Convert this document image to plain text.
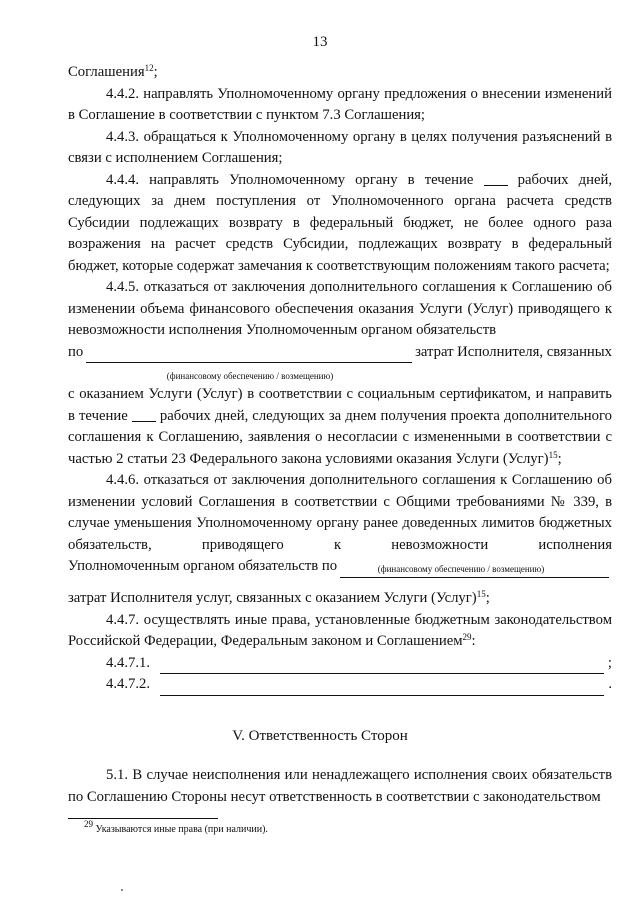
13

Соглашения$^{12}$;

4.4.2. направлять Уполномоченному органу предложения о внесении изменений в Соглашение в соответствии с пунктом 7.3 Соглашения;

4.4.3. обращаться к Уполномоченному органу в целях получения разъяснений в связи с исполнением Соглашения;

4.4.4. направлять Уполномоченному органу в течение	рабочих дней, следующих за днем поступления от Уполномоченного органа расчета средств Субсидии подлежащих возврату в федеральный бюджет, не более одного раза возражения на расчет средств Субсидии, подлежащих возврату в федеральный бюджет, которые содержат замечания к соответствующим положениям такого расчета;

4.4.5. отказаться от заключения дополнительного соглашения к Соглашению об изменении объема финансового обеспечения оказания Услуги (Услуг) приводящего к невозможности исполнения Уполномоченным органом обязательств

по	затрат Исполнителя, связанных
(финансовому обеспечению / возмещению)

с оказанием Услуги (Услуг) в соответствии с социальным сертификатом, и направить в течение рабочих дней, следующих за днем получения проекта дополнительного соглашения к Соглашению, заявления о несогласии с измененными в соответствии с частью 2 статьи 23 Федерального закона условиями оказания Услуги (Услуг)$^{15}$;

4.4.6. отказаться от заключения дополнительного соглашения к Соглашению об изменении условий Соглашения в соответствии с Общими требованиями № 339, в случае уменьшения Уполномоченному органу ранее доведенных лимитов бюджетных обязательств, приводящего к невозможности исполнения

Уполномоченным органом обязательств по	(финансовому обеспечению / возмещению)

затрат Исполнителя услуг, связанных с оказанием Услуги (Услуг)$^{15}$;

4.4.7. осуществлять иные права, установленные бюджетным законодательством Российской Федерации, Федеральным законом и Соглашением$^{29}$:

4.4.7.1.	;
4.4.7.2.	.
V. Ответственность Сторон

5.1. В случае неисполнения или ненадлежащего исполнения своих обязательств по Соглашению Стороны несут ответственность в соответствии с законодательством

$^{29}$ Указываются иные права (при наличии).
